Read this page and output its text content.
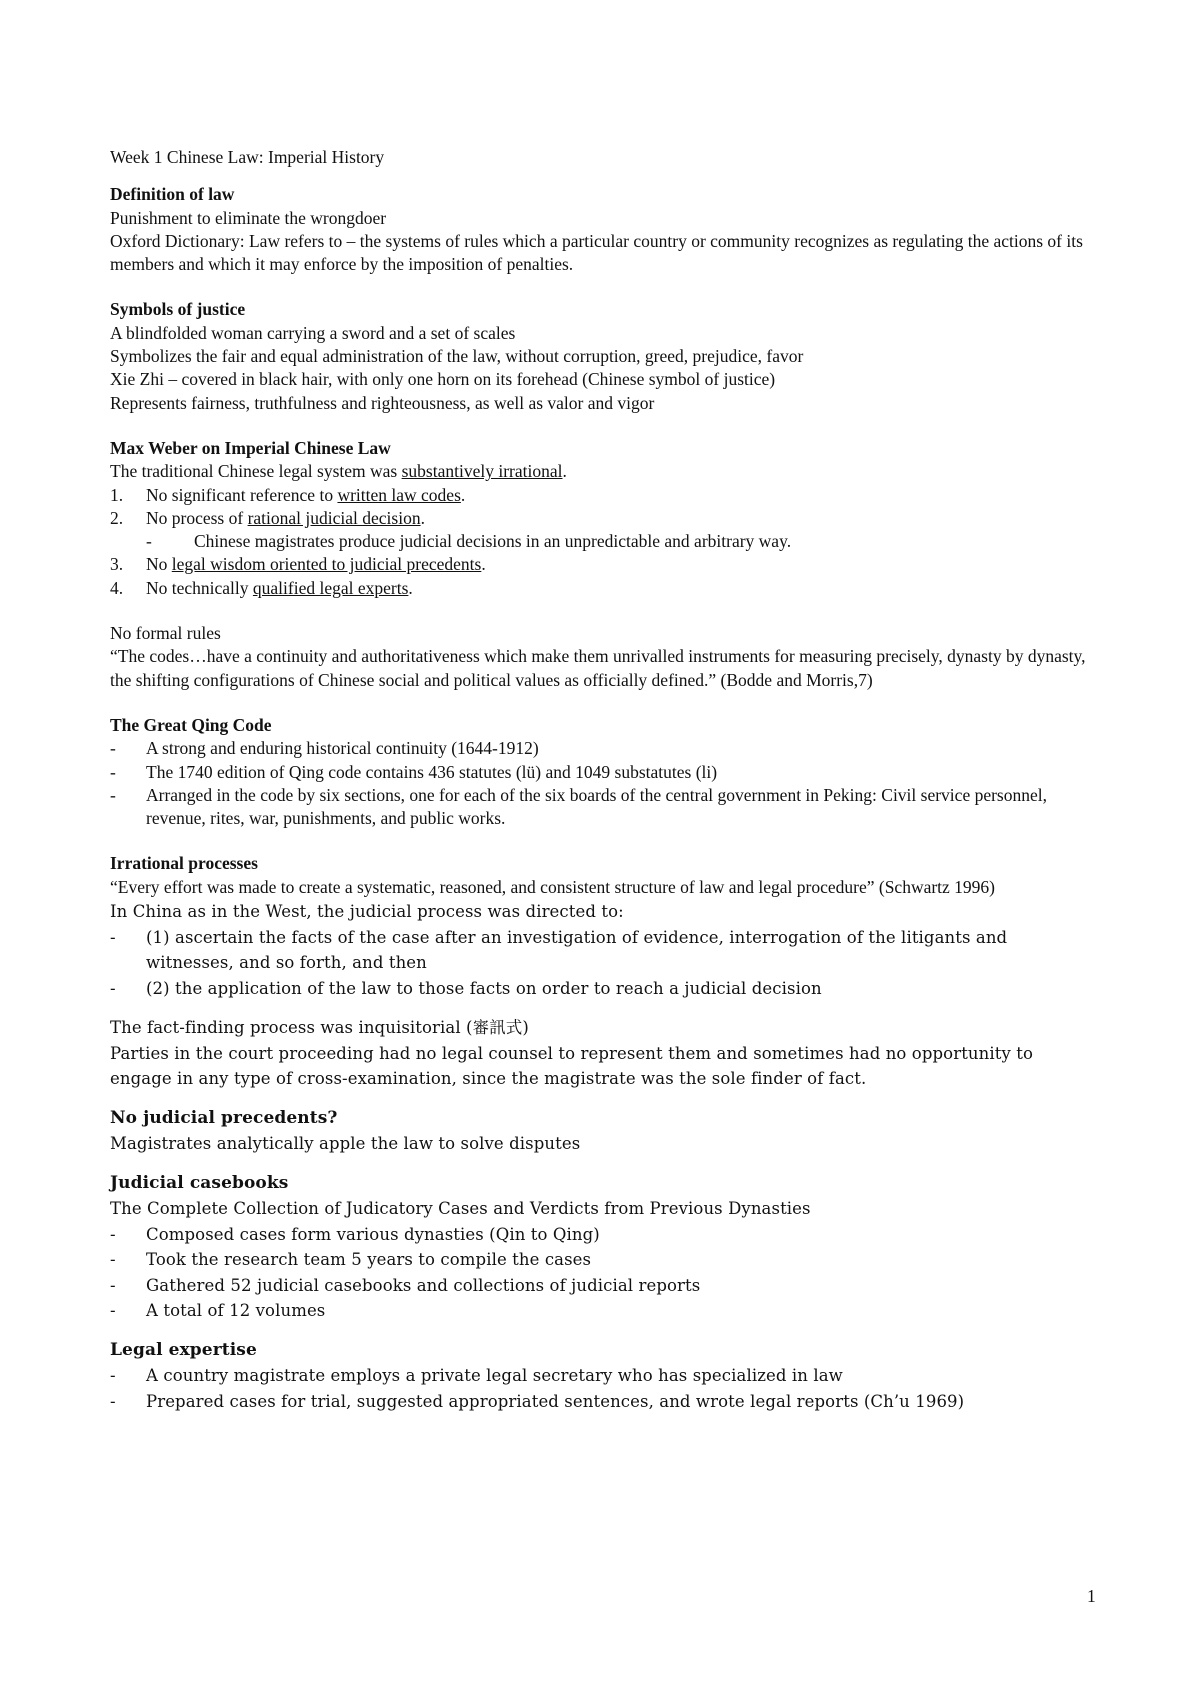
Week 1 Chinese Law: Imperial History

Definition of law

Punishment to eliminate the wrongdoer

Oxford Dictionary: Law refers to – the systems of rules which a particular country or community recognizes as regulating the actions of its members and which it may enforce by the imposition of penalties.

Symbols of justice

A blindfolded woman carrying a sword and a set of scales

Symbolizes the fair and equal administration of the law, without corruption, greed, prejudice, favor

Xie Zhi – covered in black hair, with only one horn on its forehead (Chinese symbol of justice)

Represents fairness, truthfulness and righteousness, as well as valor and vigor

Max Weber on Imperial Chinese Law

The traditional Chinese legal system was substantively irrational.

1. No significant reference to written law codes.
2. No process of rational judicial decision.
- Chinese magistrates produce judicial decisions in an unpredictable and arbitrary way.
3. No legal wisdom oriented to judicial precedents.
4. No technically qualified legal experts.

No formal rules

“The codes…have a continuity and authoritativeness which make them unrivalled instruments for measuring precisely, dynasty by dynasty, the shifting configurations of Chinese social and political values as officially defined.” (Bodde and Morris,7)

The Great Qing Code
- A strong and enduring historical continuity (1644-1912)
- The 1740 edition of Qing code contains 436 statutes (lü) and 1049 substatutes (li)
- Arranged in the code by six sections, one for each of the six boards of the central government in Peking: Civil service personnel, revenue, rites, war, punishments, and public works.
Irrational processes

“Every effort was made to create a systematic, reasoned, and consistent structure of law and legal procedure” (Schwartz 1996)

In China as in the West, the judicial process was directed to:

- (1) ascertain the facts of the case after an investigation of evidence, interrogation of the litigants and witnesses, and so forth, and then
- (2) the application of the law to those facts on order to reach a judicial decision

The fact-finding process was inquisitorial (審訊式)

Parties in the court proceeding had no legal counsel to represent them and sometimes had no opportunity to engage in any type of cross-examination, since the magistrate was the sole finder of fact.

No judicial precedents?

Magistrates analytically apple the law to solve disputes

Judicial casebooks

The Complete Collection of Judicatory Cases and Verdicts from Previous Dynasties

- Composed cases form various dynasties (Qin to Qing)
- Took the research team 5 years to compile the cases
- Gathered 52 judicial casebooks and collections of judicial reports
- A total of 12 volumes
Legal expertise
- A country magistrate employs a private legal secretary who has specialized in law
- Prepared cases for trial, suggested appropriated sentences, and wrote legal reports (Ch’u 1969)
1
